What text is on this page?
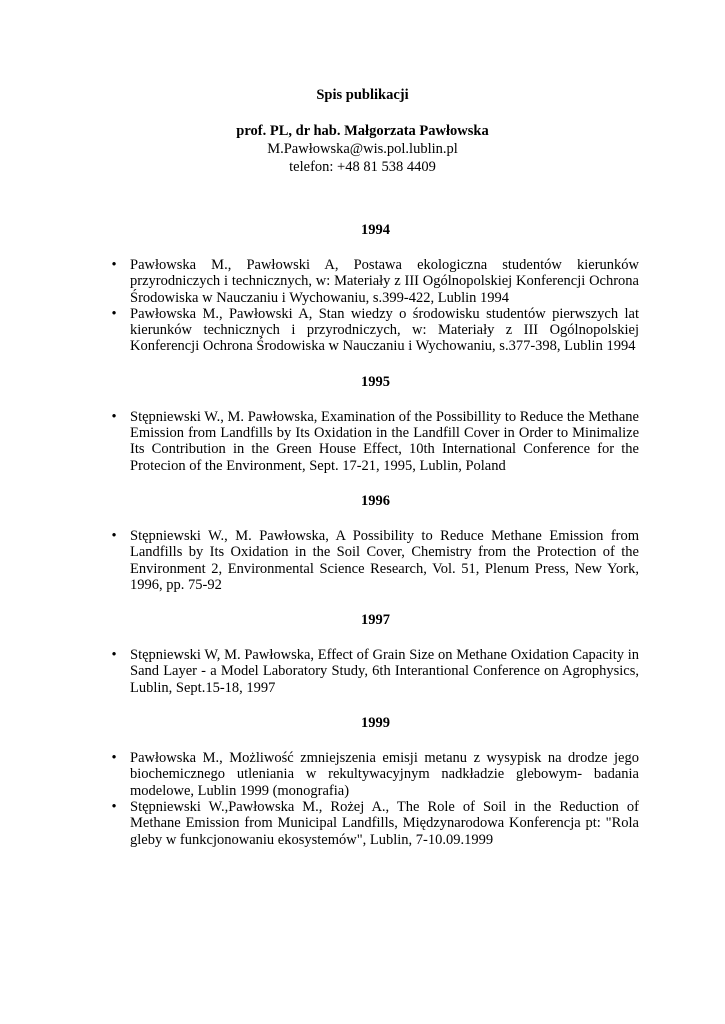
Spis publikacji
prof. PL, dr hab. Małgorzata Pawłowska
M.Pawłowska@wis.pol.lublin.pl
telefon: +48 81 538 4409
1994
• Pawłowska M., Pawłowski A, Postawa ekologiczna studentów kierunków przyrodniczych i technicznych, w: Materiały z III Ogólnopolskiej Konferencji Ochrona Środowiska w Nauczaniu i Wychowaniu, s.399-422, Lublin 1994
• Pawłowska M., Pawłowski A, Stan wiedzy o środowisku studentów pierwszych lat kierunków technicznych i przyrodniczych, w: Materiały z III Ogólnopolskiej Konferencji Ochrona Środowiska w Nauczaniu i Wychowaniu, s.377-398, Lublin 1994
1995
• Stępniewski W., M. Pawłowska, Examination of the Possibillity to Reduce the Methane Emission from Landfills by Its Oxidation in the Landfill Cover in Order to Minimalize Its Contribution in the Green House Effect, 10th International Conference for the Protecion of the Environment, Sept. 17-21, 1995, Lublin, Poland
1996
• Stępniewski W., M. Pawłowska, A Possibility to Reduce Methane Emission from Landfills by Its Oxidation in the Soil Cover, Chemistry from the Protection of the Environment 2, Environmental Science Research, Vol. 51, Plenum Press, New York, 1996, pp. 75-92
1997
• Stępniewski W, M. Pawłowska, Effect of Grain Size on Methane Oxidation Capacity in Sand Layer - a Model Laboratory Study, 6th Interantional Conference on Agrophysics, Lublin, Sept.15-18, 1997
1999
• Pawłowska M., Możliwość zmniejszenia emisji metanu z wysypisk na drodze jego biochemicznego utleniania w rekultywacyjnym nadkładzie glebowym- badania modelowe, Lublin 1999 (monografia)
• Stępniewski W.,Pawłowska M., Rożej A., The Role of Soil in the Reduction of Methane Emission from Municipal Landfills, Międzynarodowa Konferencja pt: "Rola gleby w funkcjonowaniu ekosystemów", Lublin, 7-10.09.1999
